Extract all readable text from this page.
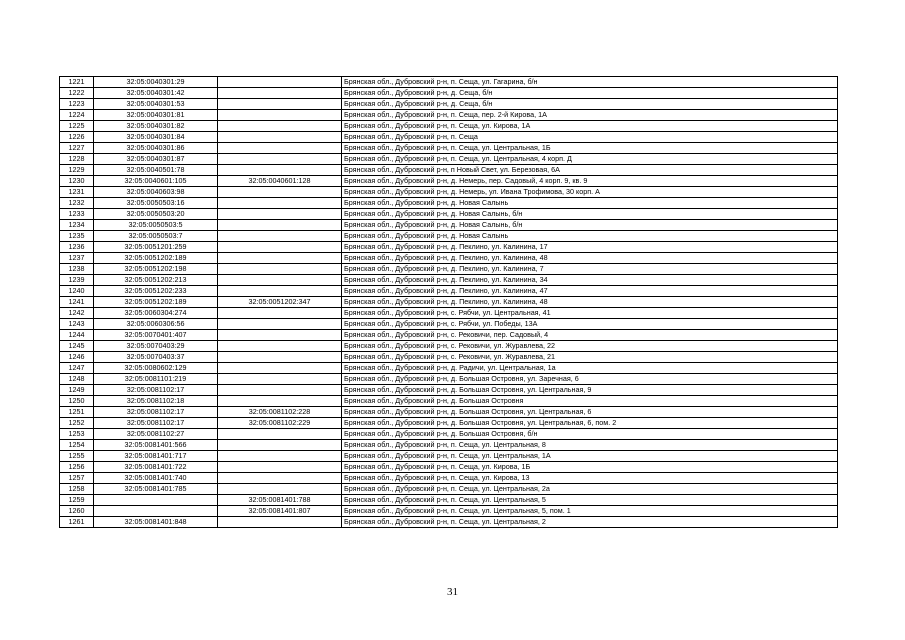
1221	32:05:0040301:29		Брянская обл., Дубровский р-н, п. Сеща, ул. Гагарина, б/н
1222	32:05:0040301:42		Брянская обл., Дубровский р-н, д. Сеща, б/н
1223	32:05:0040301:53		Брянская обл., Дубровский р-н, д. Сеща, б/н
1224	32:05:0040301:81		Брянская обл., Дубровский р-н, п. Сеща, пер. 2-й Кирова, 1А
1225	32:05:0040301:82		Брянская обл., Дубровский р-н, п. Сеща, ул. Кирова, 1А
1226	32:05:0040301:84		Брянская обл., Дубровский р-н, п. Сеща
1227	32:05:0040301:86		Брянская обл., Дубровский р-н, п. Сеща, ул. Центральная, 1Б
1228	32:05:0040301:87		Брянская обл., Дубровский р-н, п. Сеща, ул. Центральная, 4 корп. Д
1229	32:05:0040501:78		Брянская обл., Дубровский р-н, п Новый Свет, ул. Березовая, 6А
1230	32:05:0040601:105	32:05:0040601:128	Брянская обл., Дубровский р-н, д. Немерь, пер. Садовый, 4 корп. 9, кв. 9
1231	32:05:0040603:98		Брянская обл., Дубровский р-н, д. Немерь, ул. Ивана Трофимова, 30 корп. А
1232	32:05:0050503:16		Брянская обл., Дубровский р-н, д. Новая Салынь
1233	32:05:0050503:20		Брянская обл., Дубровский р-н, д. Новая Салынь, б/н
1234	32:05:0050503:5		Брянская обл., Дубровский р-н, д. Новая Салынь, б/н
1235	32:05:0050503:7		Брянская обл., Дубровский р-н, д. Новая Салынь
1236	32:05:0051201:259		Брянская обл., Дубровский р-н, д. Пеклино, ул. Калинина, 17
1237	32:05:0051202:189		Брянская обл., Дубровский р-н, д. Пеклино, ул. Калинина, 48
1238	32:05:0051202:198		Брянская обл., Дубровский р-н, д. Пеклино, ул. Калинина, 7
1239	32:05:0051202:213		Брянская обл., Дубровский р-н, д. Пеклино, ул. Калинина, 34
1240	32:05:0051202:233		Брянская обл., Дубровский р-н, д. Пеклино, ул. Калинина, 47
1241	32:05:0051202:189	32:05:0051202:347	Брянская обл., Дубровский р-н, д. Пеклино, ул. Калинина, 48
1242	32:05:0060304:274		Брянская обл., Дубровский р-н, с. Рябчи, ул. Центральная, 41
1243	32:05:0060306:56		Брянская обл., Дубровский р-н, с. Рябчи, ул. Победы, 13А
1244	32:05:0070401:407		Брянская обл., Дубровский р-н, с. Рековичи, пер. Садовый, 4
1245	32:05:0070403:29		Брянская обл., Дубровский р-н, с. Рековичи, ул. Журавлева, 22
1246	32:05:0070403:37		Брянская обл., Дубровский р-н, с. Рековичи, ул. Журавлева, 21
1247	32:05:0080602:129		Брянская обл., Дубровский р-н, д. Радичи, ул. Центральная, 1а
1248	32:05:0081101:219		Брянская обл., Дубровский р-н, д. Большая Островня, ул. Заречная, 6
1249	32:05:0081102:17		Брянская обл., Дубровский р-н, д. Большая Островня, ул. Центральная, 9
1250	32:05:0081102:18		Брянская обл., Дубровский р-н, д. Большая Островня
1251	32:05:0081102:17	32:05:0081102:228	Брянская обл., Дубровский р-н, д. Большая Островня, ул. Центральная, 6
1252	32:05:0081102:17	32:05:0081102:229	Брянская обл., Дубровский р-н, д. Большая Островня, ул. Центральная, 6, пом. 2
1253	32:05:0081102:27		Брянская обл., Дубровский р-н, д. Большая Островня, б/н
1254	32:05:0081401:566		Брянская обл., Дубровский р-н, п. Сеща, ул. Центральная, 8
1255	32:05:0081401:717		Брянская обл., Дубровский р-н, п. Сеща, ул. Центральная, 1А
1256	32:05:0081401:722		Брянская обл., Дубровский р-н, п. Сеща, ул. Кирова, 1Б
1257	32:05:0081401:740		Брянская обл., Дубровский р-н, п. Сеща, ул. Кирова, 13
1258	32:05:0081401:785		Брянская обл., Дубровский р-н, п. Сеща, ул. Центральная, 2а
1259		32:05:0081401:788	Брянская обл., Дубровский р-н, п. Сеща, ул. Центральная, 5
1260		32:05:0081401:807	Брянская обл., Дубровский р-н, п. Сеща, ул. Центральная, 5, пом. 1
1261	32:05:0081401:848		Брянская обл., Дубровский р-н, п. Сеща, ул. Центральная, 2
31
